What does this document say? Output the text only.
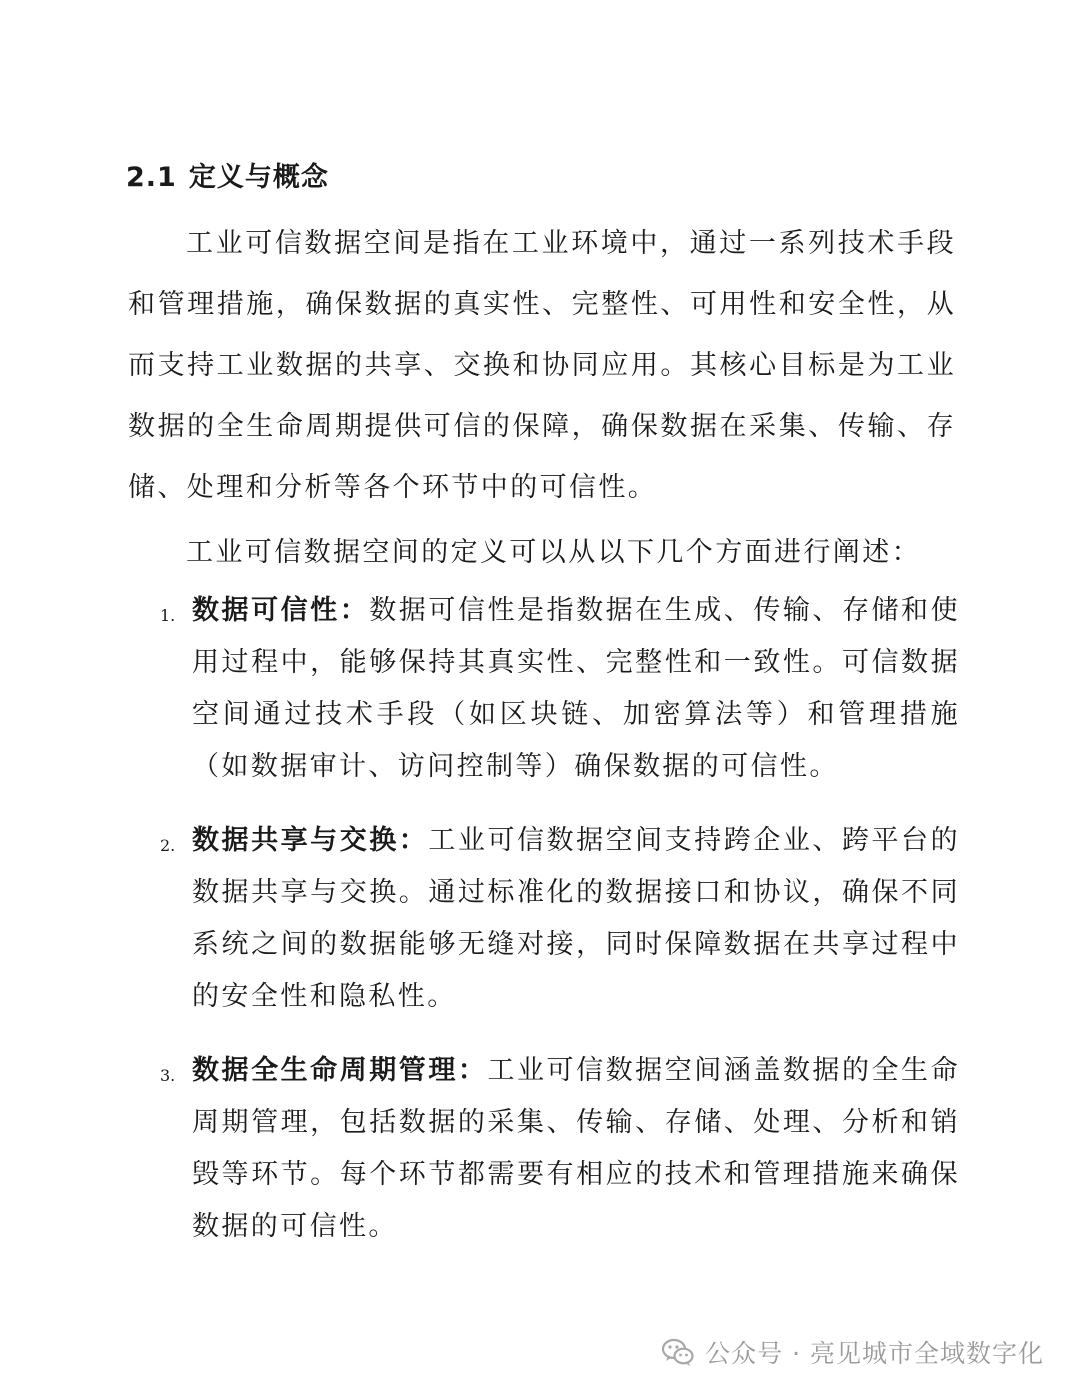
2.1 定义与概念

工业可信数据空间是指在工业环境中，通过一系列技术手段和管理措施，确保数据的真实性、完整性、可用性和安全性，从而支持工业数据的共享、交换和协同应用。其核心目标是为工业数据的全生命周期提供可信的保障，确保数据在采集、传输、存储、处理和分析等各个环节中的可信性。

工业可信数据空间的定义可以从以下几个方面进行阐述：

1. 数据可信性：数据可信性是指数据在生成、传输、存储和使用过程中，能够保持其真实性、完整性和一致性。可信数据空间通过技术手段（如区块链、加密算法等）和管理措施（如数据审计、访问控制等）确保数据的可信性。
2. 数据共享与交换：工业可信数据空间支持跨企业、跨平台的数据共享与交换。通过标准化的数据接口和协议，确保不同系统之间的数据能够无缝对接，同时保障数据在共享过程中的安全性和隐私性。
3. 数据全生命周期管理：工业可信数据空间涵盖数据的全生命周期管理，包括数据的采集、传输、存储、处理、分析和销毁等环节。每个环节都需要有相应的技术和管理措施来确保数据的可信性。
公众号 · 亮见城市全域数字化
